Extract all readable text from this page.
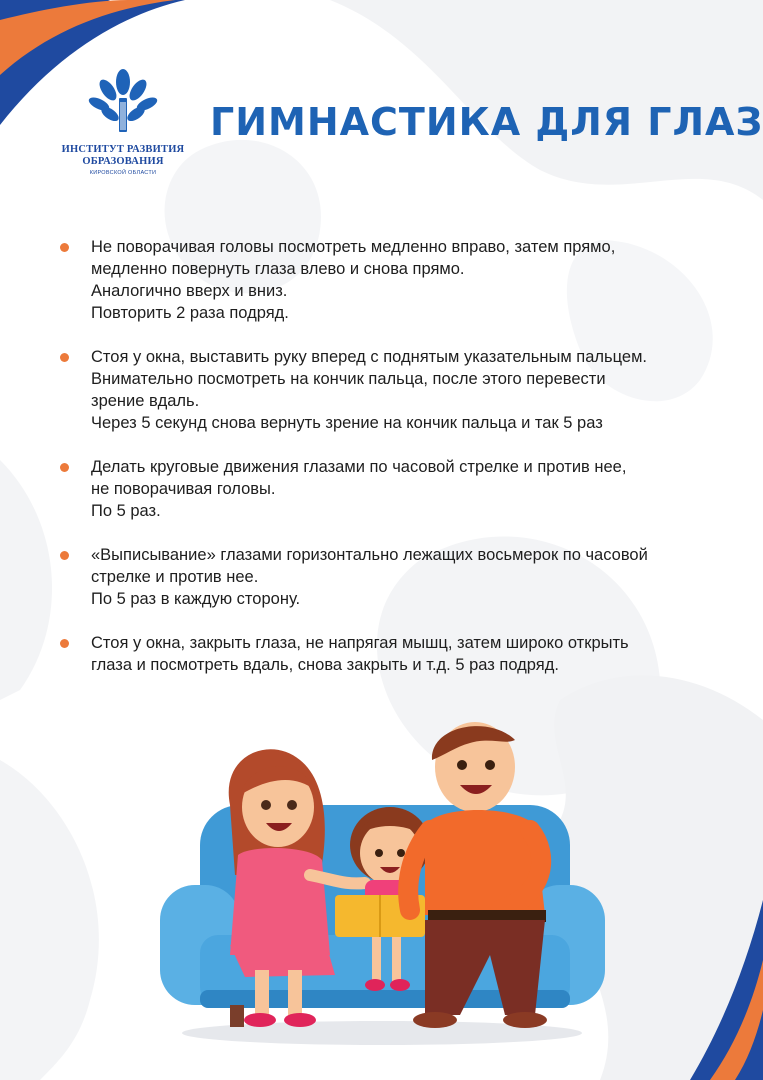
ИНСТИТУТ РАЗВИТИЯ
ОБРАЗОВАНИЯ
КИРОВСКОЙ ОБЛАСТИ
ГИМНАСТИКА ДЛЯ ГЛАЗ
Не поворачивая головы посмотреть медленно вправо, затем прямо,
медленно повернуть глаза влево и снова прямо.
Аналогично вверх и вниз.
Повторить 2 раза подряд.
Стоя у окна, выставить руку вперед с поднятым указательным пальцем.
Внимательно посмотреть на кончик пальца, после этого перевести
зрение вдаль.
Через 5 секунд снова вернуть зрение на кончик пальца и так 5 раз
Делать круговые движения глазами по часовой стрелке и против нее,
не поворачивая головы.
По 5 раз.
«Выписывание» глазами горизонтально лежащих восьмерок по часовой
стрелке и против нее.
По 5 раз в каждую сторону.
Стоя у окна, закрыть глаза, не напрягая мышц, затем широко открыть
глаза и посмотреть вдаль, снова закрыть и т.д. 5 раз подряд.
